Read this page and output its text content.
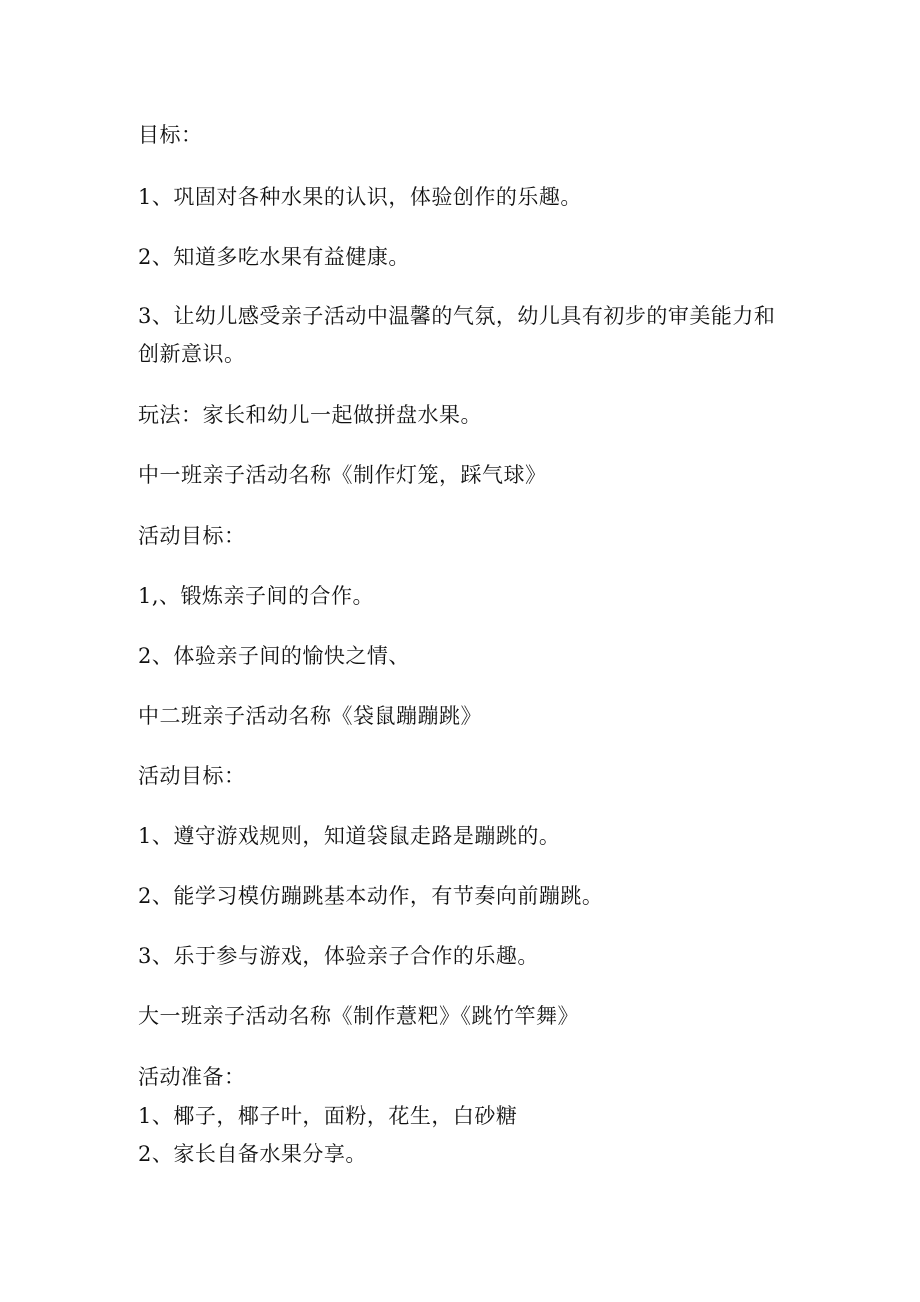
目标：

1、巩固对各种水果的认识，体验创作的乐趣。

2、知道多吃水果有益健康。

3、让幼儿感受亲子活动中温馨的气氛，幼儿具有初步的审美能力和

创新意识。

玩法：家长和幼儿一起做拼盘水果。

中一班亲子活动名称《制作灯笼，踩气球》

活动目标：

1,、锻炼亲子间的合作。

2、体验亲子间的愉快之情、

中二班亲子活动名称《袋鼠蹦蹦跳》

活动目标：

1、遵守游戏规则，知道袋鼠走路是蹦跳的。

2、能学习模仿蹦跳基本动作，有节奏向前蹦跳。

3、乐于参与游戏，体验亲子合作的乐趣。

大一班亲子活动名称《制作薏粑》《跳竹竿舞》

活动准备：

1、椰子，椰子叶，面粉，花生，白砂糖

2、家长自备水果分享。
